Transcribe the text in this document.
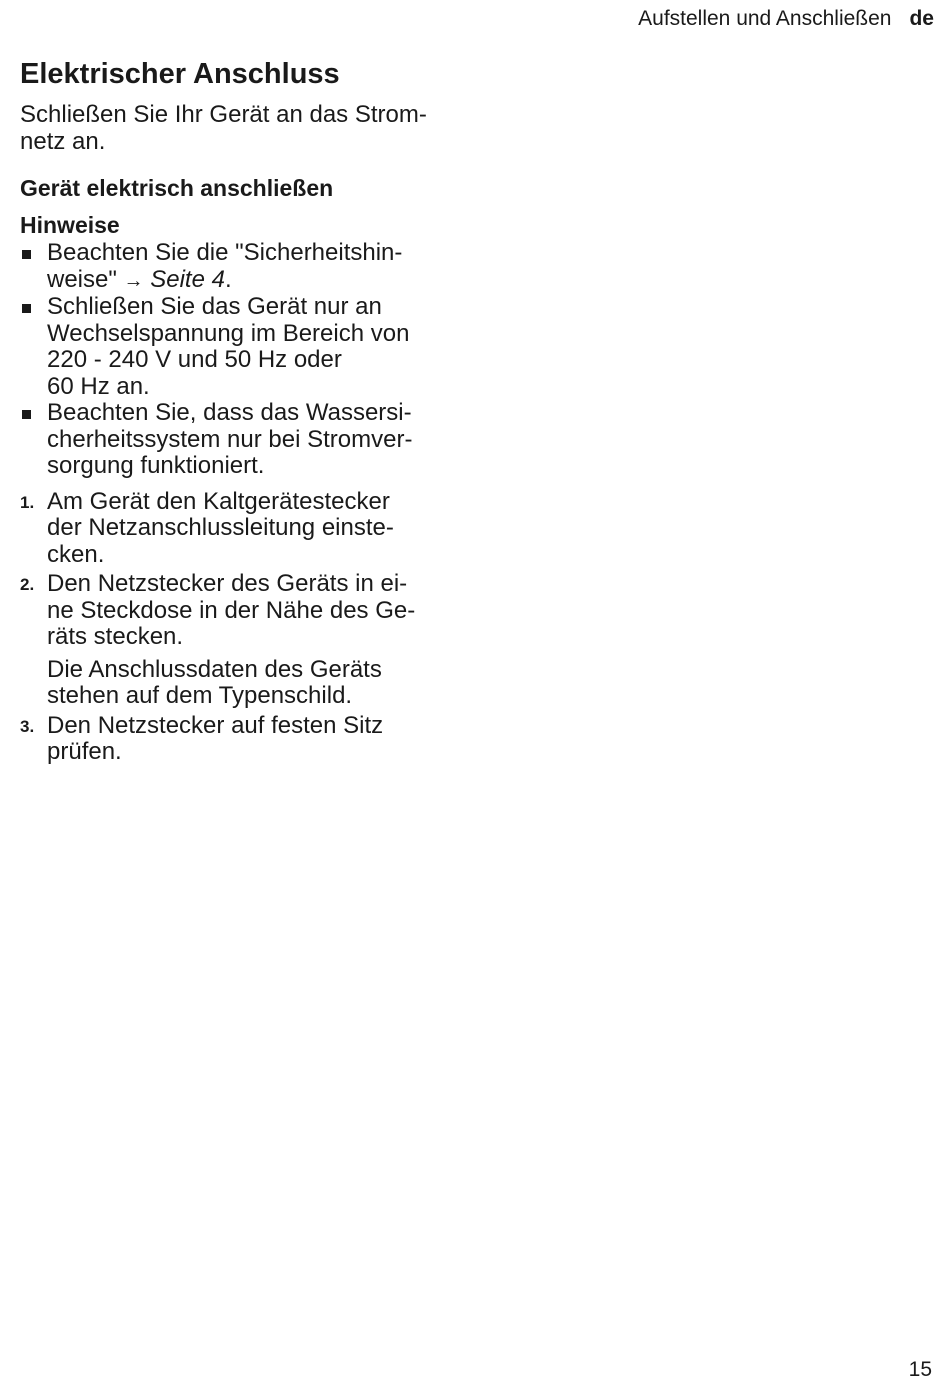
Aufstellen und Anschließen de
Elektrischer Anschluss
Schließen Sie Ihr Gerät an das Strom-
netz an.
Gerät elektrisch anschließen
Hinweise
Beachten Sie die "Sicherheitshin-
weise" → Seite 4.
Schließen Sie das Gerät nur an
Wechselspannung im Bereich von
220 - 240 V und 50 Hz oder
60 Hz an.
Beachten Sie, dass das Wassersi-
cherheitssystem nur bei Stromver-
sorgung funktioniert.
1. Am Gerät den Kaltgerätestecker
der Netzanschlussleitung einste-
cken.
2. Den Netzstecker des Geräts in ei-
ne Steckdose in der Nähe des Ge-
räts stecken.
Die Anschlussdaten des Geräts
stehen auf dem Typenschild.
3. Den Netzstecker auf festen Sitz
prüfen.
15
